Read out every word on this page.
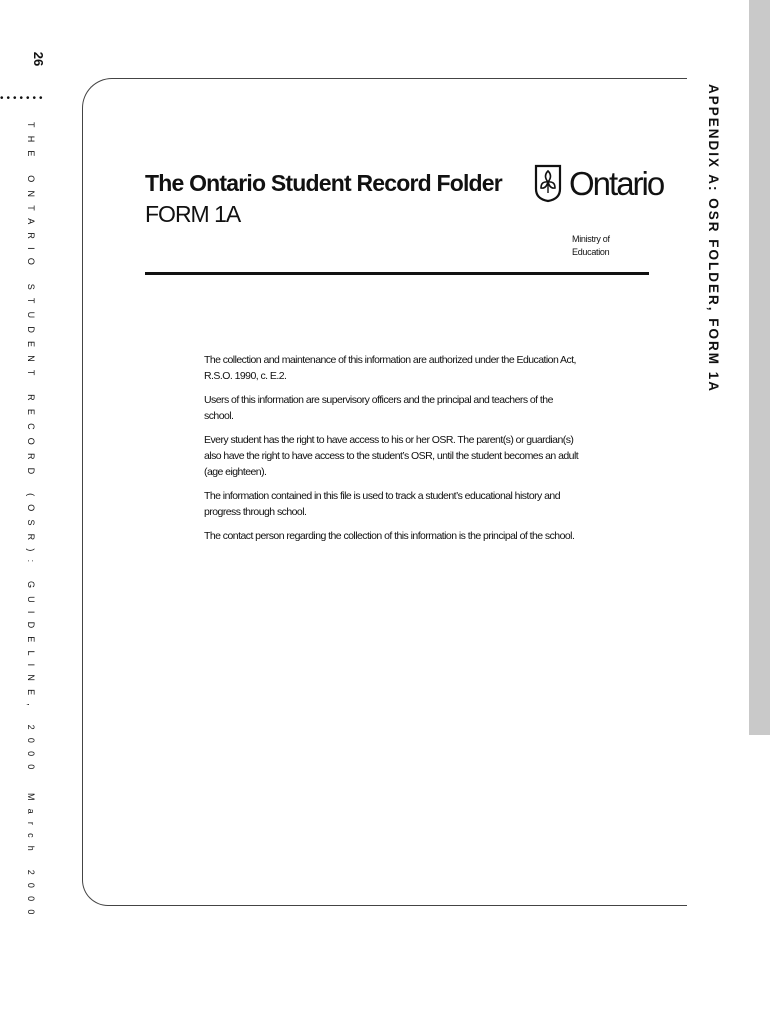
26
•••••••
THE ONTARIO STUDENT RECORD (OSR): GUIDELINE, 2000
March 2000
APPENDIX A: OSR FOLDER, FORM 1A
The Ontario Student Record Folder
FORM 1A
Ontario
Ministry of
Education

The collection and maintenance of this information are authorized under the Education Act, R.S.O. 1990, c. E.2.

Users of this information are supervisory officers and the principal and teachers of the school.

Every student has the right to have access to his or her OSR. The parent(s) or guardian(s) also have the right to have access to the student’s OSR, until the student becomes an adult (age eighteen).

The information contained in this file is used to track a student’s educational history and progress through school.

The contact person regarding the collection of this information is the principal of the school.
